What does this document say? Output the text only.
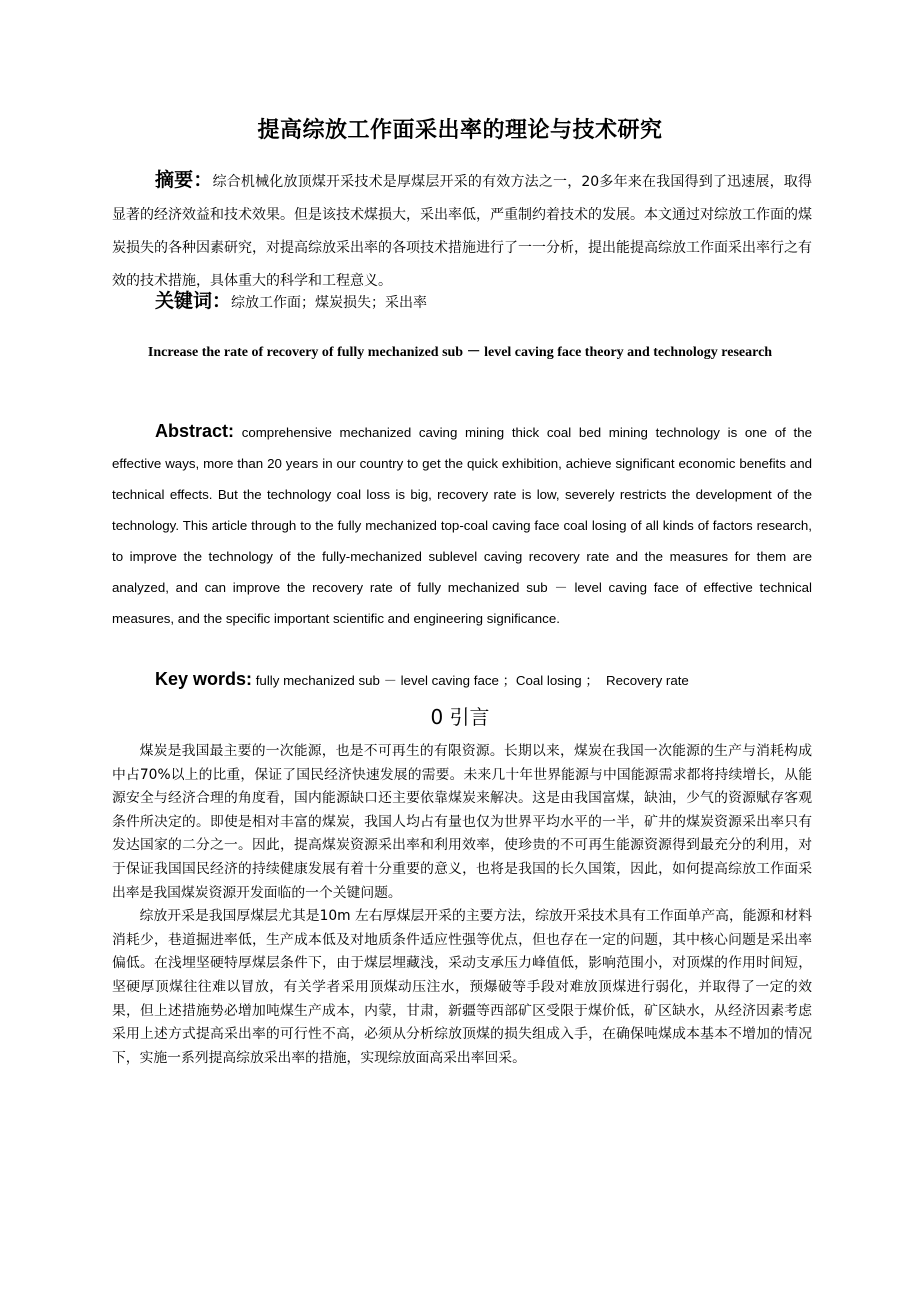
提高综放工作面采出率的理论与技术研究
摘要：综合机械化放顶煤开采技术是厚煤层开采的有效方法之一，20多年来在我国得到了迅速展，取得显著的经济效益和技术效果。但是该技术煤损大，采出率低，严重制约着技术的发展。本文通过对综放工作面的煤炭损失的各种因素研究，对提高综放采出率的各项技术措施进行了一一分析，提出能提高综放工作面采出率行之有效的技术措施，具体重大的科学和工程意义。
关键词：综放工作面；煤炭损失；采出率
Increase the rate of recovery of fully mechanized sub － level caving face theory and technology research
Abstract: comprehensive mechanized caving mining thick coal bed mining technology is one of the effective ways, more than 20 years in our country to get the quick exhibition, achieve significant economic benefits and technical effects. But the technology coal loss is big, recovery rate is low, severely restricts the development of the technology. This article through to the fully mechanized top-coal caving face coal losing of all kinds of factors research, to improve the technology of the fully-mechanized sublevel caving recovery rate and the measures for them are analyzed, and can improve the recovery rate of fully mechanized sub － level caving face of effective technical measures, and the specific important scientific and engineering significance.
Key words: fully mechanized sub － level caving face ；Coal losing ；  Recovery rate
0 引言

煤炭是我国最主要的一次能源，也是不可再生的有限资源。长期以来，煤炭在我国一次能源的生产与消耗构成中占70%以上的比重，保证了国民经济快速发展的需要。未来几十年世界能源与中国能源需求都将持续增长，从能源安全与经济合理的角度看，国内能源缺口还主要依靠煤炭来解决。这是由我国富煤，缺油，少气的资源赋存客观条件所决定的。即使是相对丰富的煤炭，我国人均占有量也仅为世界平均水平的一半，矿井的煤炭资源采出率只有发达国家的二分之一。因此，提高煤炭资源采出率和利用效率，使珍贵的不可再生能源资源得到最充分的利用，对于保证我国国民经济的持续健康发展有着十分重要的意义，也将是我国的长久国策，因此，如何提高综放工作面采出率是我国煤炭资源开发面临的一个关键问题。

综放开采是我国厚煤层尤其是10m 左右厚煤层开采的主要方法，综放开采技术具有工作面单产高，能源和材料消耗少，巷道掘进率低，生产成本低及对地质条件适应性强等优点，但也存在一定的问题，其中核心问题是采出率偏低。在浅埋坚硬特厚煤层条件下，由于煤层埋藏浅，采动支承压力峰值低，影响范围小，对顶煤的作用时间短，坚硬厚顶煤往往难以冒放，有关学者采用顶煤动压注水，预爆破等手段对难放顶煤进行弱化，并取得了一定的效果，但上述措施势必增加吨煤生产成本，内蒙，甘肃，新疆等西部矿区受限于煤价低，矿区缺水，从经济因素考虑采用上述方式提高采出率的可行性不高，必须从分析综放顶煤的损失组成入手，在确保吨煤成本基本不增加的情况下，实施一系列提高综放采出率的措施，实现综放面高采出率回采。
